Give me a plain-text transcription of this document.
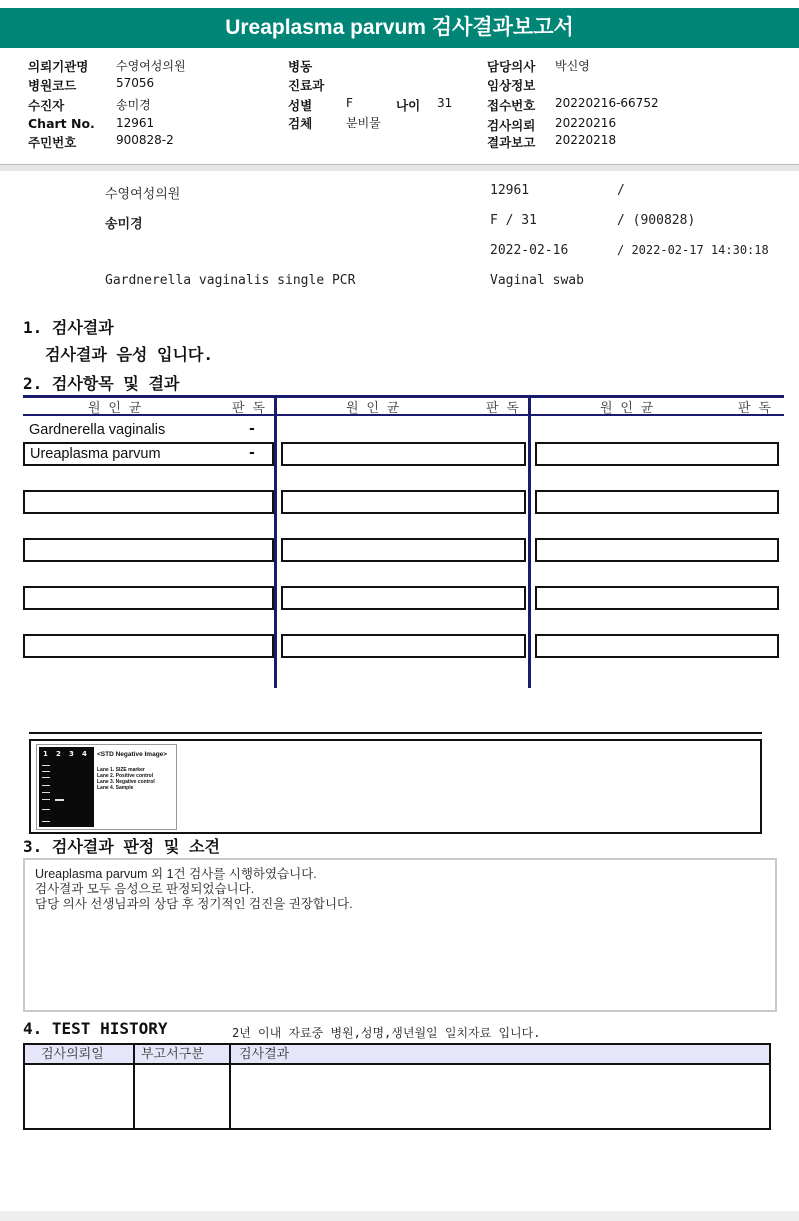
Ureaplasma parvum 검사결과보고서
의뢰기관명 수영여성의원
병원코드	57056
수진자	송미경
Chart No. 12961
주민번호	900828-2
병동
진료과
성별	F	나이 31
검체	분비물
담당의사 박신영
임상정보
접수번호 20220216-66752
검사의뢰 20220216
결과보고 20220218
수영여성의원	12961	/
송미경	F / 31	/ (900828)
2022-02-16	/ 2022-02-17 14:30:18
Gardnerella vaginalis single PCR	Vaginal swab
1. 검사결과
검사결과 음성 입니다.
2. 검사항목 및 결과
원 인 균	판 독	원 인 균	판 독	원 인 균	판 독
Gardnerella vaginalis	-
Ureaplasma parvum	-
1 2 3 4 <STD Negative Image>
Lane 1. SIZE marker
Lane 2. Positive control
Lane 3. Negative control
Lane 4. Sample
3. 검사결과 판정 및 소견
Ureaplasma parvum 외 1건 검사를 시행하였습니다.
검사결과 모두 음성으로 판정되었습니다.
담당 의사 선생님과의 상담 후 정기적인 검진을 권장합니다.
4. TEST HISTORY	2년 이내 자료중 병원,성명,생년월일 일치자료 입니다.
검사의뢰일	부고서구분	검사결과
